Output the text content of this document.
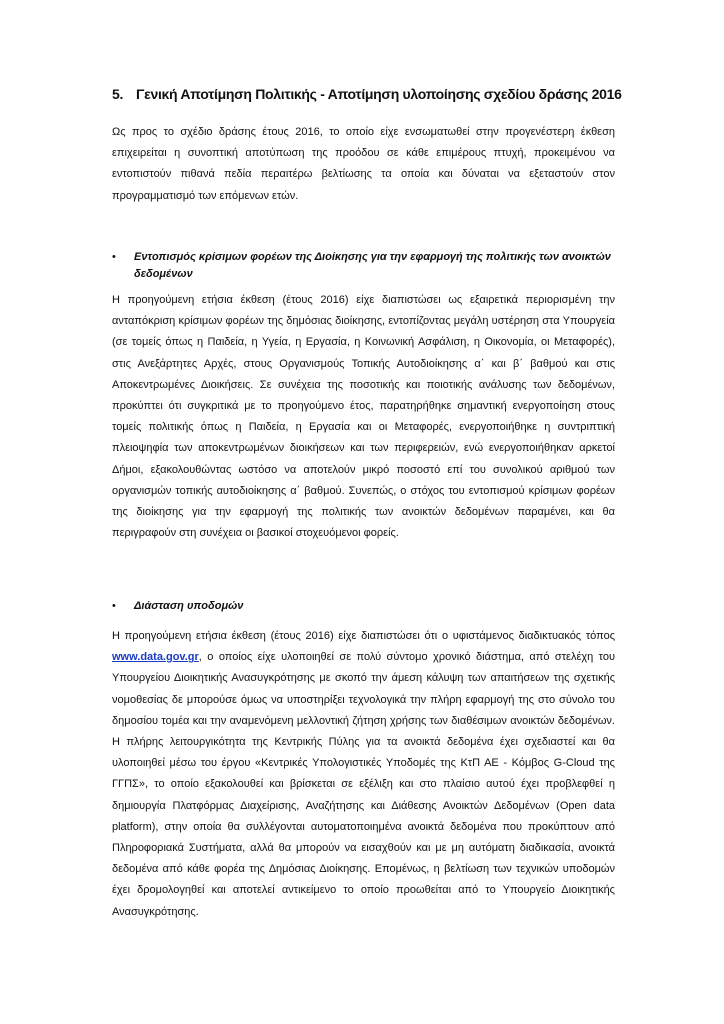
5. Γενική Αποτίμηση Πολιτικής - Αποτίμηση υλοποίησης σχεδίου δράσης 2016

Ως προς το σχέδιο δράσης έτους 2016, το οποίο είχε ενσωματωθεί στην προγενέστερη έκθεση επιχειρείται η συνοπτική αποτύπωση της προόδου σε κάθε επιμέρους πτυχή, προκειμένου να εντοπιστούν πιθανά πεδία περαιτέρω βελτίωσης τα οποία και δύναται να εξεταστούν στον προγραμματισμό των επόμενων ετών.

• Εντοπισμός κρίσιμων φορέων της Διοίκησης για την εφαρμογή της πολιτικής των ανοικτών δεδομένων

Η προηγούμενη ετήσια έκθεση (έτους 2016) είχε διαπιστώσει ως εξαιρετικά περιορισμένη την ανταπόκριση κρίσιμων φορέων της δημόσιας διοίκησης, εντοπίζοντας μεγάλη υστέρηση στα Υπουργεία (σε τομείς όπως η Παιδεία, η Υγεία, η Εργασία, η Κοινωνική Ασφάλιση, η Οικονομία, οι Μεταφορές), στις Ανεξάρτητες Αρχές, στους Οργανισμούς Τοπικής Αυτοδιοίκησης α΄ και β΄ βαθμού και στις Αποκεντρωμένες Διοικήσεις. Σε συνέχεια της ποσοτικής και ποιοτικής ανάλυσης των δεδομένων, προκύπτει ότι συγκριτικά με το προηγούμενο έτος, παρατηρήθηκε σημαντική ενεργοποίηση στους τομείς πολιτικής όπως η Παιδεία, η Εργασία και οι Μεταφορές, ενεργοποιήθηκε η συντριπτική πλειοψηφία των αποκεντρωμένων διοικήσεων και των περιφερειών, ενώ ενεργοποιήθηκαν αρκετοί Δήμοι, εξακολουθώντας ωστόσο να αποτελούν μικρό ποσοστό επί του συνολικού αριθμού των οργανισμών τοπικής αυτοδιοίκησης α΄ βαθμού. Συνεπώς, ο στόχος του εντοπισμού κρίσιμων φορέων της διοίκησης για την εφαρμογή της πολιτικής των ανοικτών δεδομένων παραμένει, και θα περιγραφούν στη συνέχεια οι βασικοί στοχευόμενοι φορείς.

• Διάσταση υποδομών

Η προηγούμενη ετήσια έκθεση (έτους 2016) είχε διαπιστώσει ότι ο υφιστάμενος διαδικτυακός τόπος www.data.gov.gr, ο οποίος είχε υλοποιηθεί σε πολύ σύντομο χρονικό διάστημα, από στελέχη του Υπουργείου Διοικητικής Ανασυγκρότησης με σκοπό την άμεση κάλυψη των απαιτήσεων της σχετικής νομοθεσίας δε μπορούσε όμως να υποστηρίξει τεχνολογικά την πλήρη εφαρμογή της στο σύνολο του δημοσίου τομέα και την αναμενόμενη μελλοντική ζήτηση χρήσης των διαθέσιμων ανοικτών δεδομένων. Η πλήρης λειτουργικότητα της Κεντρικής Πύλης για τα ανοικτά δεδομένα έχει σχεδιαστεί και θα υλοποιηθεί μέσω του έργου «Κεντρικές Υπολογιστικές Υποδομές της ΚτΠ ΑΕ - Κόμβος G-Cloud της ΓΓΠΣ», το οποίο εξακολουθεί και βρίσκεται σε εξέλιξη και στο πλαίσιο αυτού έχει προβλεφθεί η δημιουργία Πλατφόρμας Διαχείρισης, Αναζήτησης και Διάθεσης Ανοικτών Δεδομένων (Open data platform), στην οποία θα συλλέγονται αυτοματοποιημένα ανοικτά δεδομένα που προκύπτουν από Πληροφοριακά Συστήματα, αλλά θα μπορούν να εισαχθούν και με μη αυτόματη διαδικασία, ανοικτά δεδομένα από κάθε φορέα της Δημόσιας Διοίκησης. Επομένως, η βελτίωση των τεχνικών υποδομών έχει δρομολογηθεί και αποτελεί αντικείμενο το οποίο προωθείται από το Υπουργείο Διοικητικής Ανασυγκρότησης.
